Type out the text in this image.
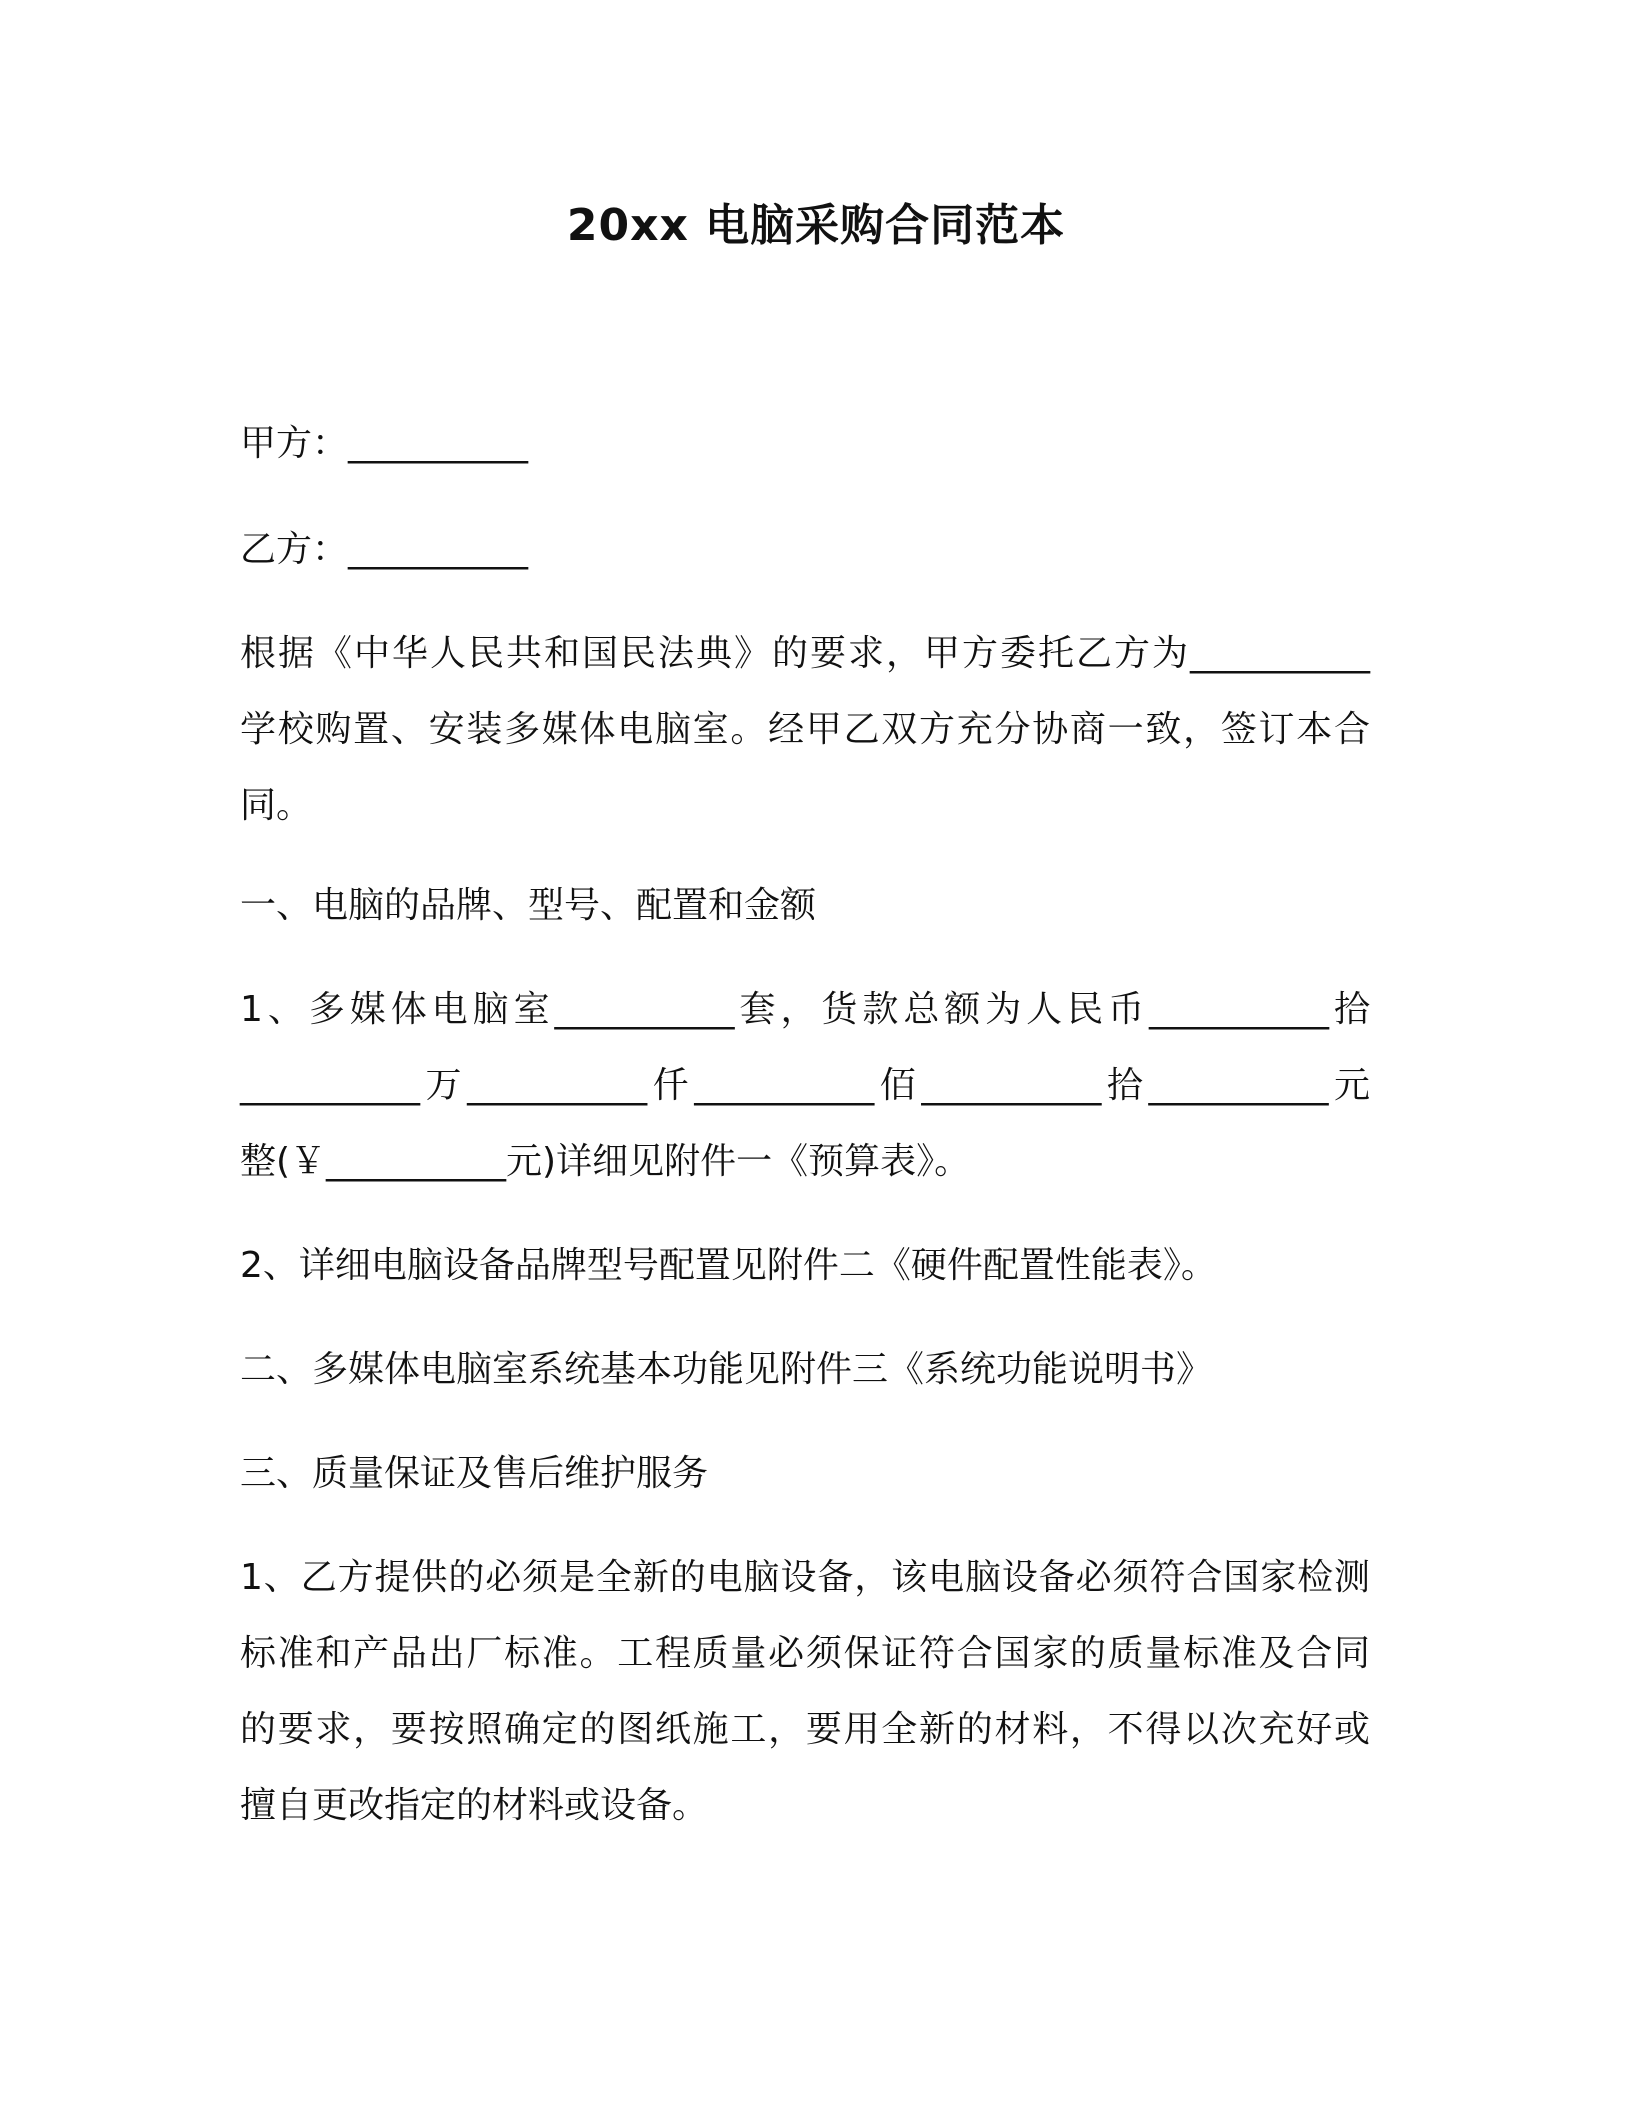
20xx 电脑采购合同范本
甲方：__________
乙方：__________
根据《中华人民共和国民法典》的要求，甲方委托乙方为__________
学校购置、安装多媒体电脑室。经甲乙双方充分协商一致，签订本合
同。
一、电脑的品牌、型号、配置和金额
1、多媒体电脑室__________套，货款总额为人民币__________拾
__________万__________仟__________佰__________拾__________元
整(￥__________元)详细见附件一《预算表》。
2、详细电脑设备品牌型号配置见附件二《硬件配置性能表》。
二、多媒体电脑室系统基本功能见附件三《系统功能说明书》
三、质量保证及售后维护服务
1、乙方提供的必须是全新的电脑设备，该电脑设备必须符合国家检测
标准和产品出厂标准。工程质量必须保证符合国家的质量标准及合同
的要求，要按照确定的图纸施工，要用全新的材料，不得以次充好或
擅自更改指定的材料或设备。
